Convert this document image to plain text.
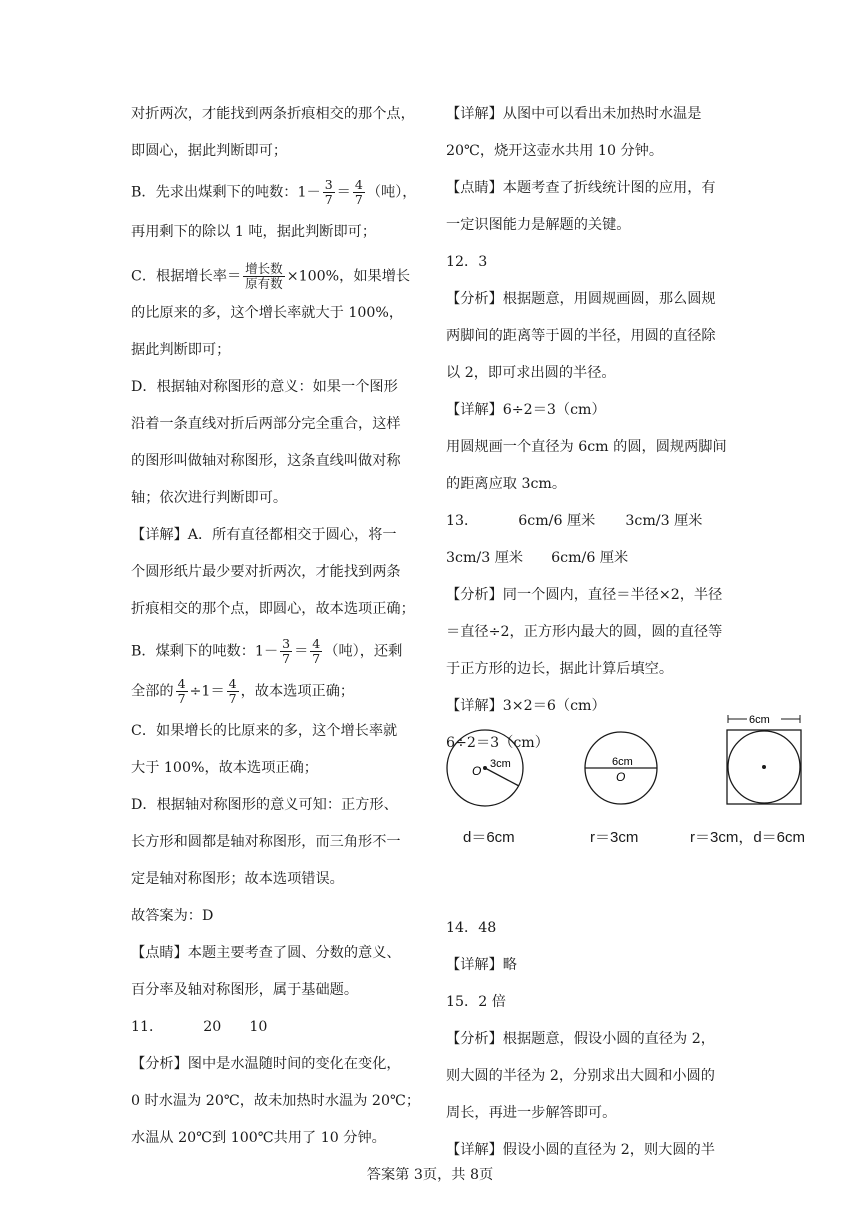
对折两次，才能找到两条折痕相交的那个点，
即圆心，据此判断即可；
B．先求出煤剩下的吨数：$1- \frac{3}{7} = \frac{4}{7}$ （吨），
再用剩下的除以 1 吨，据此判断即可；
C．根据增长率＝ $\frac{\text{增长数}}{\text{原有数}} \times 100\%$，如果增长
的比原来的多，这个增长率就大于 100%，
据此判断即可；
D．根据轴对称图形的意义：如果一个图形
沿着一条直线对折后两部分完全重合，这样
的图形叫做轴对称图形，这条直线叫做对称
轴；依次进行判断即可。
【详解】A．所有直径都相交于圆心，将一
个圆形纸片最少要对折两次，才能找到两条
折痕相交的那个点，即圆心，故本选项正确；
B．煤剩下的吨数：$1- \frac{3}{7} = \frac{4}{7}$ （吨），还剩
全部的 $\frac{4}{7} \div 1= \frac{4}{7}$ ，故本选项正确；
C．如果增长的比原来的多，这个增长率就
大于 100%，故本选项正确；
D．根据轴对称图形的意义可知：正方形、
长方形和圆都是轴对称图形，而三角形不一
定是轴对称图形；故本选项错误。
故答案为：D
【点睛】本题主要考查了圆、分数的意义、
百分率及轴对称图形，属于基础题。
11．	20 10
【分析】图中是水温随时间的变化在变化，
0 时水温为 20℃，故未加热时水温为 20℃；
水温从 20℃到 100℃共用了 10 分钟。
【详解】从图中可以看出未加热时水温是
20℃，烧开这壶水共用 10 分钟。
【点睛】本题考查了折线统计图的应用，有
一定识图能力是解题的关键。
12．3
【分析】根据题意，用圆规画圆，那么圆规
两脚间的距离等于圆的半径，用圆的直径除
以 2，即可求出圆的半径。
【详解】6÷2＝3（cm）
用圆规画一个直径为 6cm 的圆，圆规两脚间
的距离应取 3cm。
13．	6cm/6 厘米 3cm/3 厘米
3cm/3 厘米 6cm/6 厘米
【分析】同一个圆内，直径＝半径×2，半径
＝直径÷2，正方形内最大的圆，圆的直径等
于正方形的边长，据此计算后填空。
【详解】3×2＝6（cm）
6÷2＝3（cm）
14．48
【详解】略
15．2 倍
【分析】根据题意，假设小圆的直径为 2，
则大圆的半径为 2，分别求出大圆和小圆的
周长，再进一步解答即可。
【详解】假设小圆的直径为 2，则大圆的半
O 3cm	6cm
O
6cm
d＝6cm	r＝3cm	r＝3cm，d＝6cm
答案第 3页，共 8页
